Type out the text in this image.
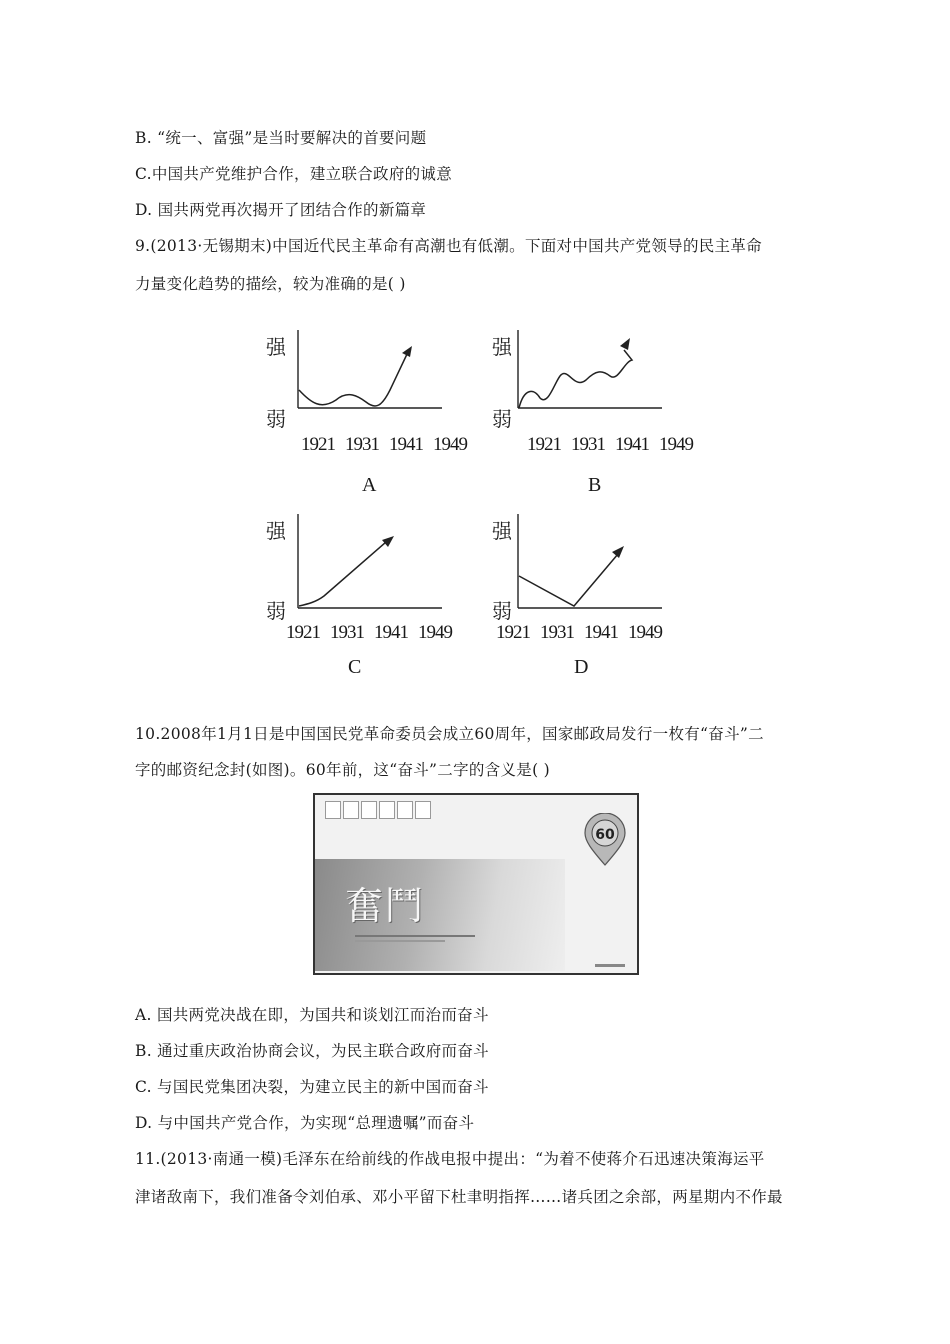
B. “统一、富强”是当时要解决的首要问题
C.中国共产党维护合作，建立联合政府的诚意
D. 国共两党再次揭开了团结合作的新篇章
9.(2013·无锡期末)中国近代民主革命有高潮也有低潮。下面对中国共产党领导的民主革命
力量变化趋势的描绘，较为准确的是( )
强
弱
1921 1931 1941 1949
A
强
弱
1921 1931 1941 1949
B
强
弱
1921 1931 1941 1949
C
强
弱
1921 1931 1941 1949
D
10.2008年1月1日是中国国民党革命委员会成立60周年，国家邮政局发行一枚有“奋斗”二
字的邮资纪念封(如图)。60年前，这“奋斗”二字的含义是( )
奮鬥
60
A. 国共两党决战在即，为国共和谈划江而治而奋斗
B. 通过重庆政治协商会议，为民主联合政府而奋斗
C. 与国民党集团决裂，为建立民主的新中国而奋斗
D. 与中国共产党合作，为实现“总理遗嘱”而奋斗
11.(2013·南通一模)毛泽东在给前线的作战电报中提出：“为着不使蒋介石迅速决策海运平
津诸敌南下，我们准备令刘伯承、邓小平留下杜聿明指挥……诸兵团之余部，两星期内不作最
